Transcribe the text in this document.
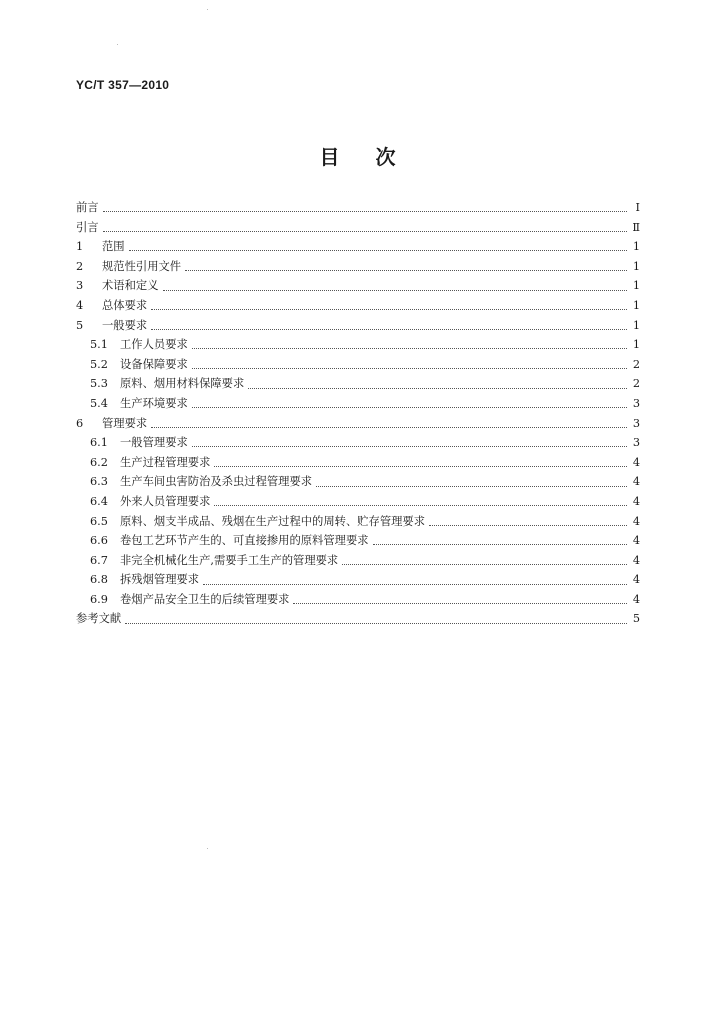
YC/T 357—2010
目 次
前言	I
引言	Ⅱ
1	范围	1
2	规范性引用文件	1
3	术语和定义	1
4	总体要求	1
5	一般要求	1
5.1	工作人员要求	1
5.2	设备保障要求	2
5.3	原料、烟用材料保障要求	2
5.4	生产环境要求	3
6	管理要求	3
6.1	一般管理要求	3
6.2	生产过程管理要求	4
6.3	生产车间虫害防治及杀虫过程管理要求	4
6.4	外来人员管理要求	4
6.5	原料、烟支半成品、残烟在生产过程中的周转、贮存管理要求	4
6.6	卷包工艺环节产生的、可直接掺用的原料管理要求	4
6.7	非完全机械化生产,需要手工生产的管理要求	4
6.8	拆残烟管理要求	4
6.9	卷烟产品安全卫生的后续管理要求	4
参考文献	5
